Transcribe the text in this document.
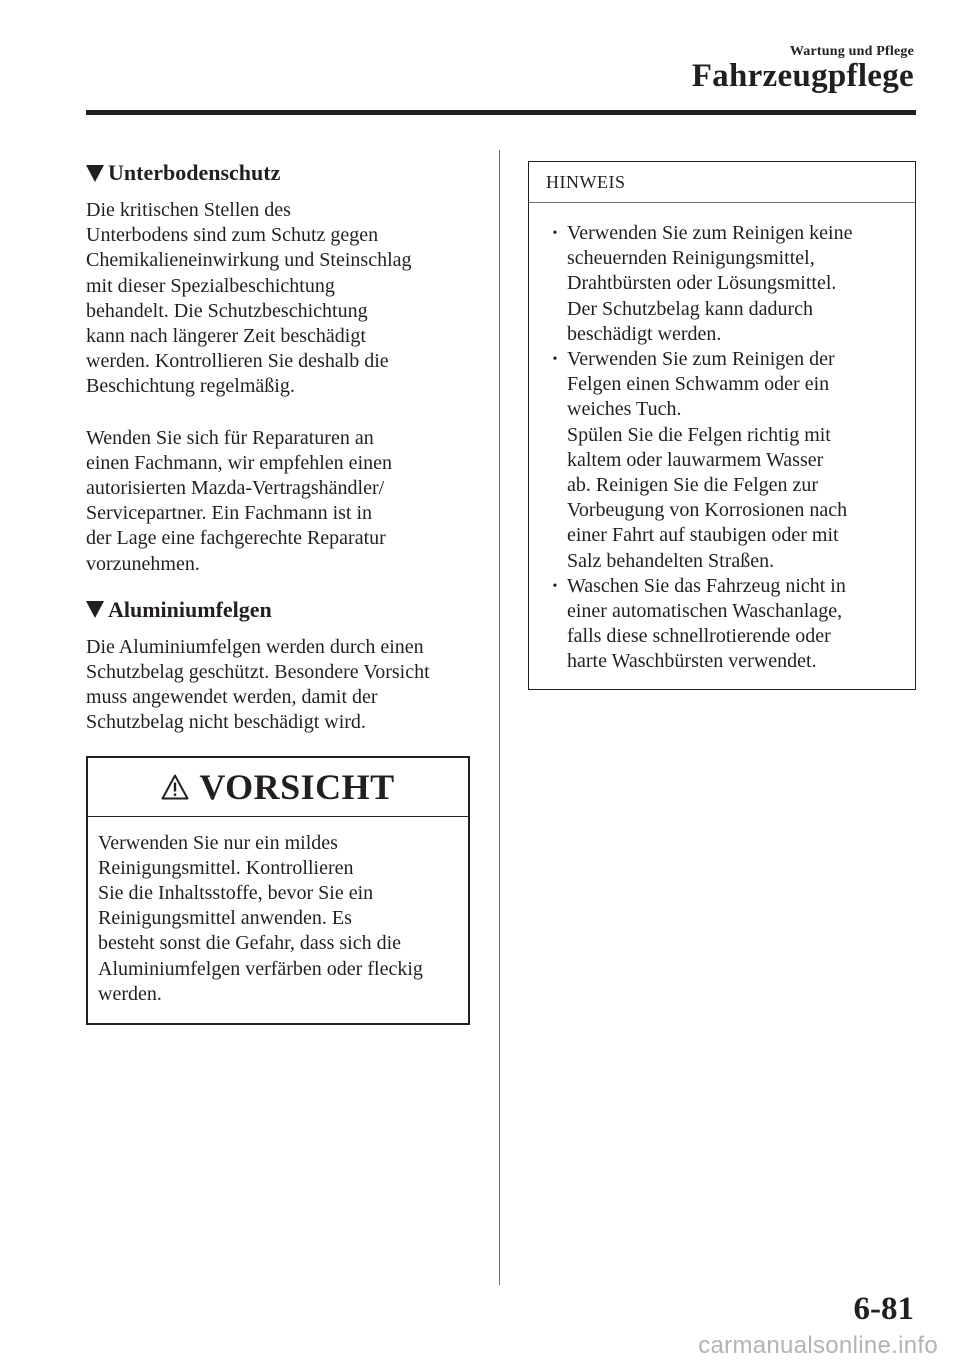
Wartung und Pflege
Fahrzeugpflege
Unterbodenschutz
Die kritischen Stellen des
Unterbodens sind zum Schutz gegen
Chemikalieneinwirkung und Steinschlag
mit dieser Spezialbeschichtung
behandelt. Die Schutzbeschichtung
kann nach längerer Zeit beschädigt
werden. Kontrollieren Sie deshalb die
Beschichtung regelmäßig.
Wenden Sie sich für Reparaturen an
einen Fachmann, wir empfehlen einen
autorisierten Mazda-Vertragshändler/
Servicepartner. Ein Fachmann ist in
der Lage eine fachgerechte Reparatur
vorzunehmen.
Aluminiumfelgen
Die Aluminiumfelgen werden durch einen
Schutzbelag geschützt. Besondere Vorsicht
muss angewendet werden, damit der
Schutzbelag nicht beschädigt wird.
VORSICHT
Verwenden Sie nur ein mildes
Reinigungsmittel. Kontrollieren
Sie die Inhaltsstoffe, bevor Sie ein
Reinigungsmittel anwenden. Es
besteht sonst die Gefahr, dass sich die
Aluminiumfelgen verfärben oder fleckig
werden.
HINWEIS
• Verwenden Sie zum Reinigen keine
scheuernden Reinigungsmittel,
Drahtbürsten oder Lösungsmittel.
Der Schutzbelag kann dadurch
beschädigt werden.
• Verwenden Sie zum Reinigen der
Felgen einen Schwamm oder ein
weiches Tuch.
Spülen Sie die Felgen richtig mit
kaltem oder lauwarmem Wasser
ab. Reinigen Sie die Felgen zur
Vorbeugung von Korrosionen nach
einer Fahrt auf staubigen oder mit
Salz behandelten Straßen.
• Waschen Sie das Fahrzeug nicht in
einer automatischen Waschanlage,
falls diese schnellrotierende oder
harte Waschbürsten verwendet.
6-81
carmanualsonline.info
